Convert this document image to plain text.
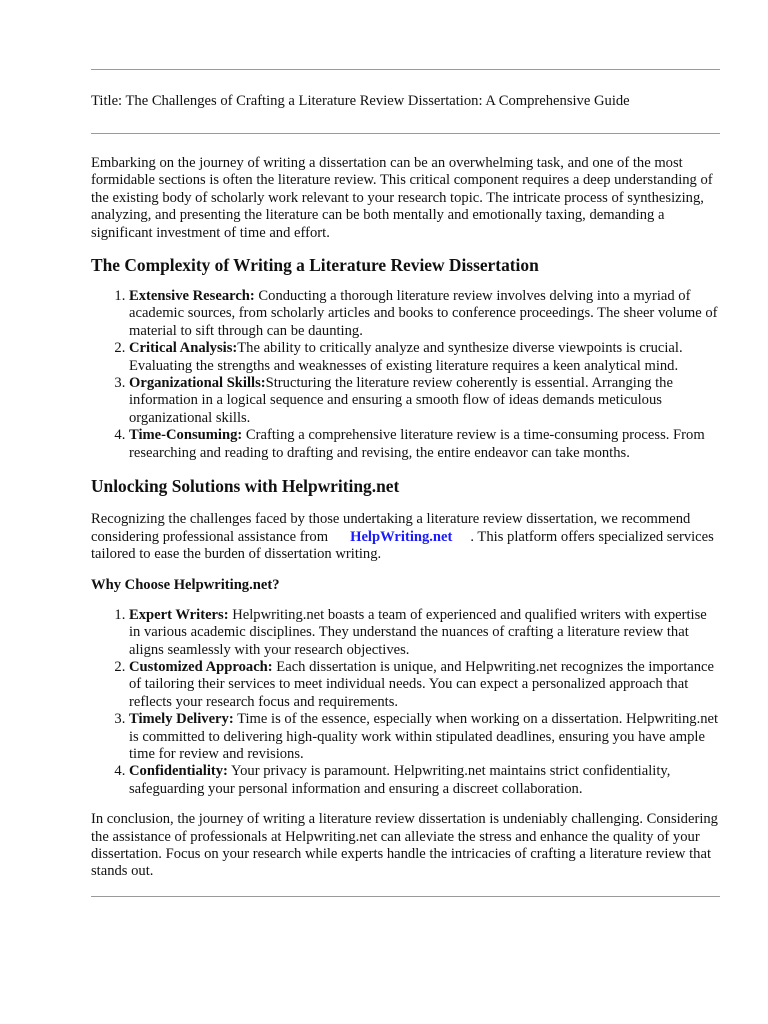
Title: The Challenges of Crafting a Literature Review Dissertation: A Comprehensive Guide

Embarking on the journey of writing a dissertation can be an overwhelming task, and one of the most formidable sections is often the literature review. This critical component requires a deep understanding of the existing body of scholarly work relevant to your research topic. The intricate process of synthesizing, analyzing, and presenting the literature can be both mentally and emotionally taxing, demanding a significant investment of time and effort.

The Complexity of Writing a Literature Review Dissertation
1. Extensive Research: Conducting a thorough literature review involves delving into a myriad of academic sources, from scholarly articles and books to conference proceedings. The sheer volume of material to sift through can be daunting.
2. Critical Analysis:The ability to critically analyze and synthesize diverse viewpoints is crucial. Evaluating the strengths and weaknesses of existing literature requires a keen analytical mind.
3. Organizational Skills:Structuring the literature review coherently is essential. Arranging the information in a logical sequence and ensuring a smooth flow of ideas demands meticulous organizational skills.
4. Time-Consuming: Crafting a comprehensive literature review is a time-consuming process. From researching and reading to drafting and revising, the entire endeavor can take months.
Unlocking Solutions with Helpwriting.net

Recognizing the challenges faced by those undertaking a literature review dissertation, we recommend considering professional assistance from HelpWriting.net . This platform offers specialized services tailored to ease the burden of dissertation writing.

Why Choose Helpwriting.net?

1. Expert Writers: Helpwriting.net boasts a team of experienced and qualified writers with expertise in various academic disciplines. They understand the nuances of crafting a literature review that aligns seamlessly with your research objectives.
2. Customized Approach: Each dissertation is unique, and Helpwriting.net recognizes the importance of tailoring their services to meet individual needs. You can expect a personalized approach that reflects your research focus and requirements.
3. Timely Delivery: Time is of the essence, especially when working on a dissertation. Helpwriting.net is committed to delivering high-quality work within stipulated deadlines, ensuring you have ample time for review and revisions.
4. Confidentiality: Your privacy is paramount. Helpwriting.net maintains strict confidentiality, safeguarding your personal information and ensuring a discreet collaboration.

In conclusion, the journey of writing a literature review dissertation is undeniably challenging. Considering the assistance of professionals at Helpwriting.net can alleviate the stress and enhance the quality of your dissertation. Focus on your research while experts handle the intricacies of crafting a literature review that stands out.
